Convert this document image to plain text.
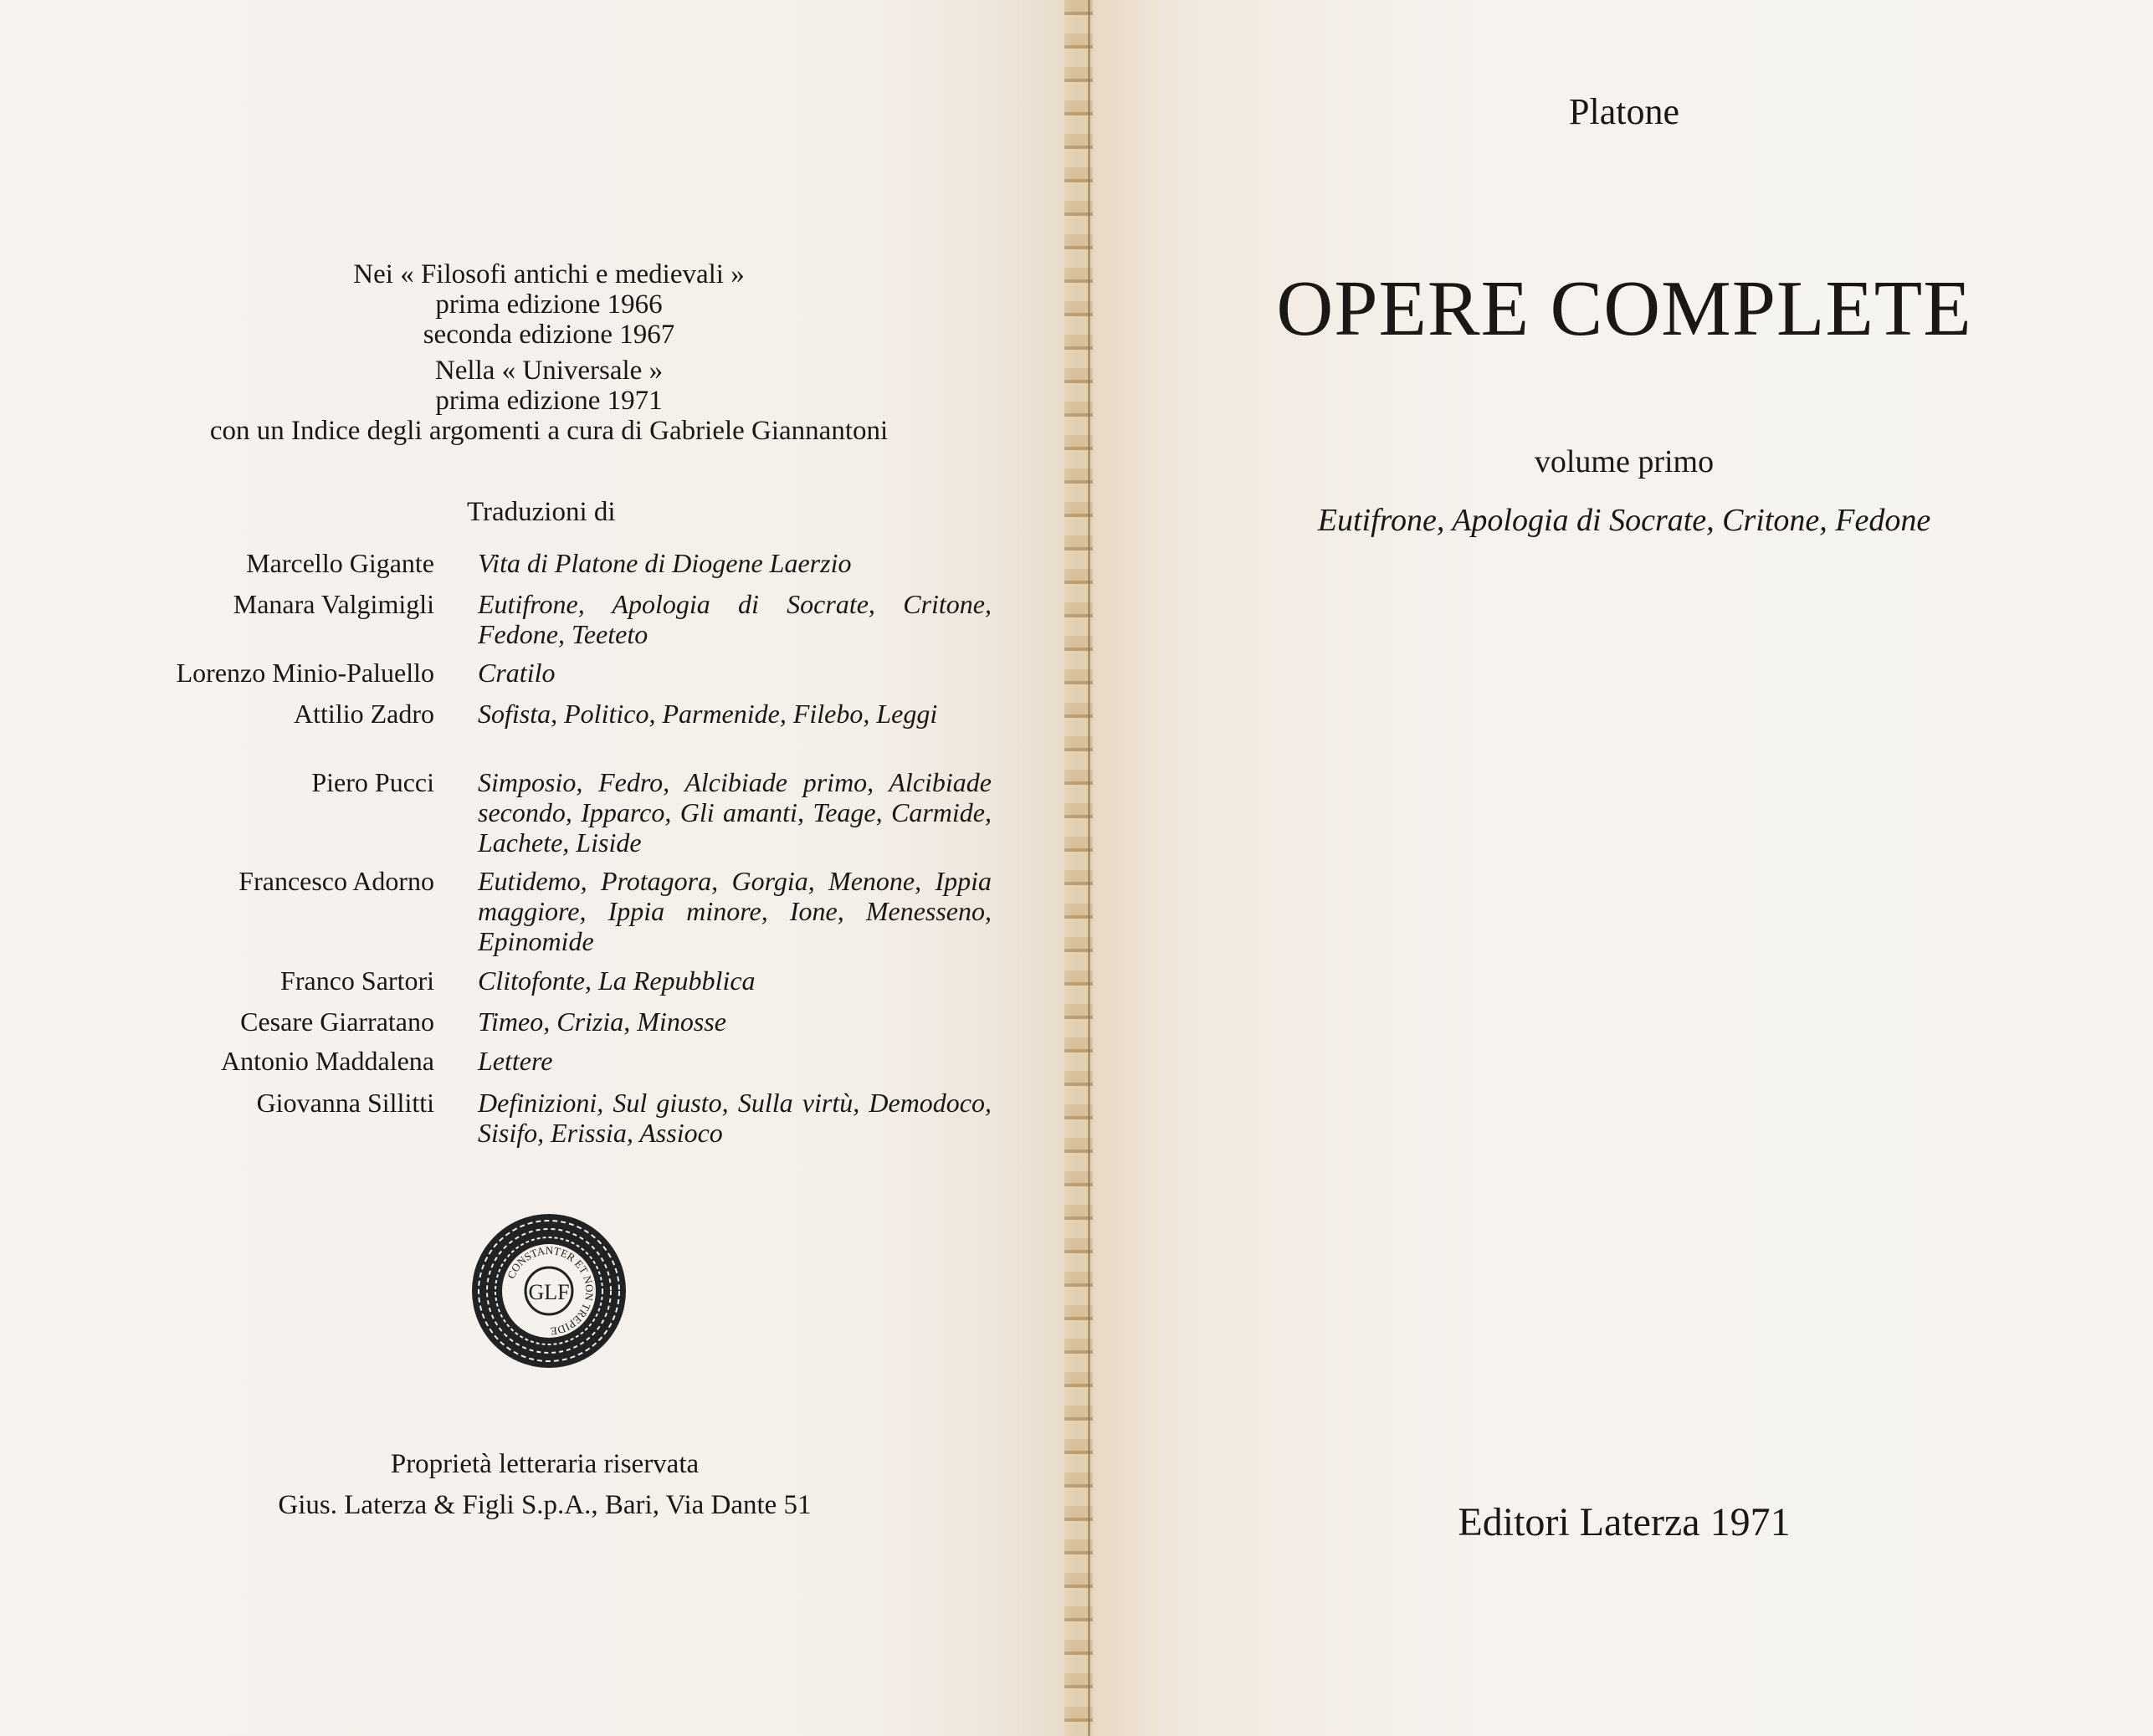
Nei « Filosofi antichi e medievali »
prima edizione 1966
seconda edizione 1967
Nella « Universale »
prima edizione 1971
con un Indice degli argomenti a cura di Gabriele Giannantoni
Traduzioni di
Marcello Gigante Vita di Platone di Diogene Laerzio
Manara Valgimigli Eutifrone, Apologia di Socrate, Critone, Fedone, Teeteto
Lorenzo Minio-Paluello Cratilo
Attilio Zadro Sofista, Politico, Parmenide, Filebo, Leggi
Piero Pucci Simposio, Fedro, Alcibiade primo, Alcibiade secondo, Ipparco, Gli amanti, Teage, Carmide, Lachete, Liside
Francesco Adorno Eutidemo, Protagora, Gorgia, Menone, Ippia maggiore, Ippia minore, Ione, Menesseno, Epinomide
Franco Sartori Clitofonte, La Repubblica
Cesare Giarratano Timeo, Crizia, Minosse
Antonio Maddalena Lettere
Giovanna Sillitti Definizioni, Sul giusto, Sulla virtù, Demodoco, Sisifo, Erissia, Assioco
CONSTANTER ET NON TREPIDE
GLF
Proprietà letteraria riservata
Gius. Laterza & Figli S.p.A., Bari, Via Dante 51
Platone
OPERE COMPLETE
volume primo
Eutifrone, Apologia di Socrate, Critone, Fedone
Editori Laterza 1971
